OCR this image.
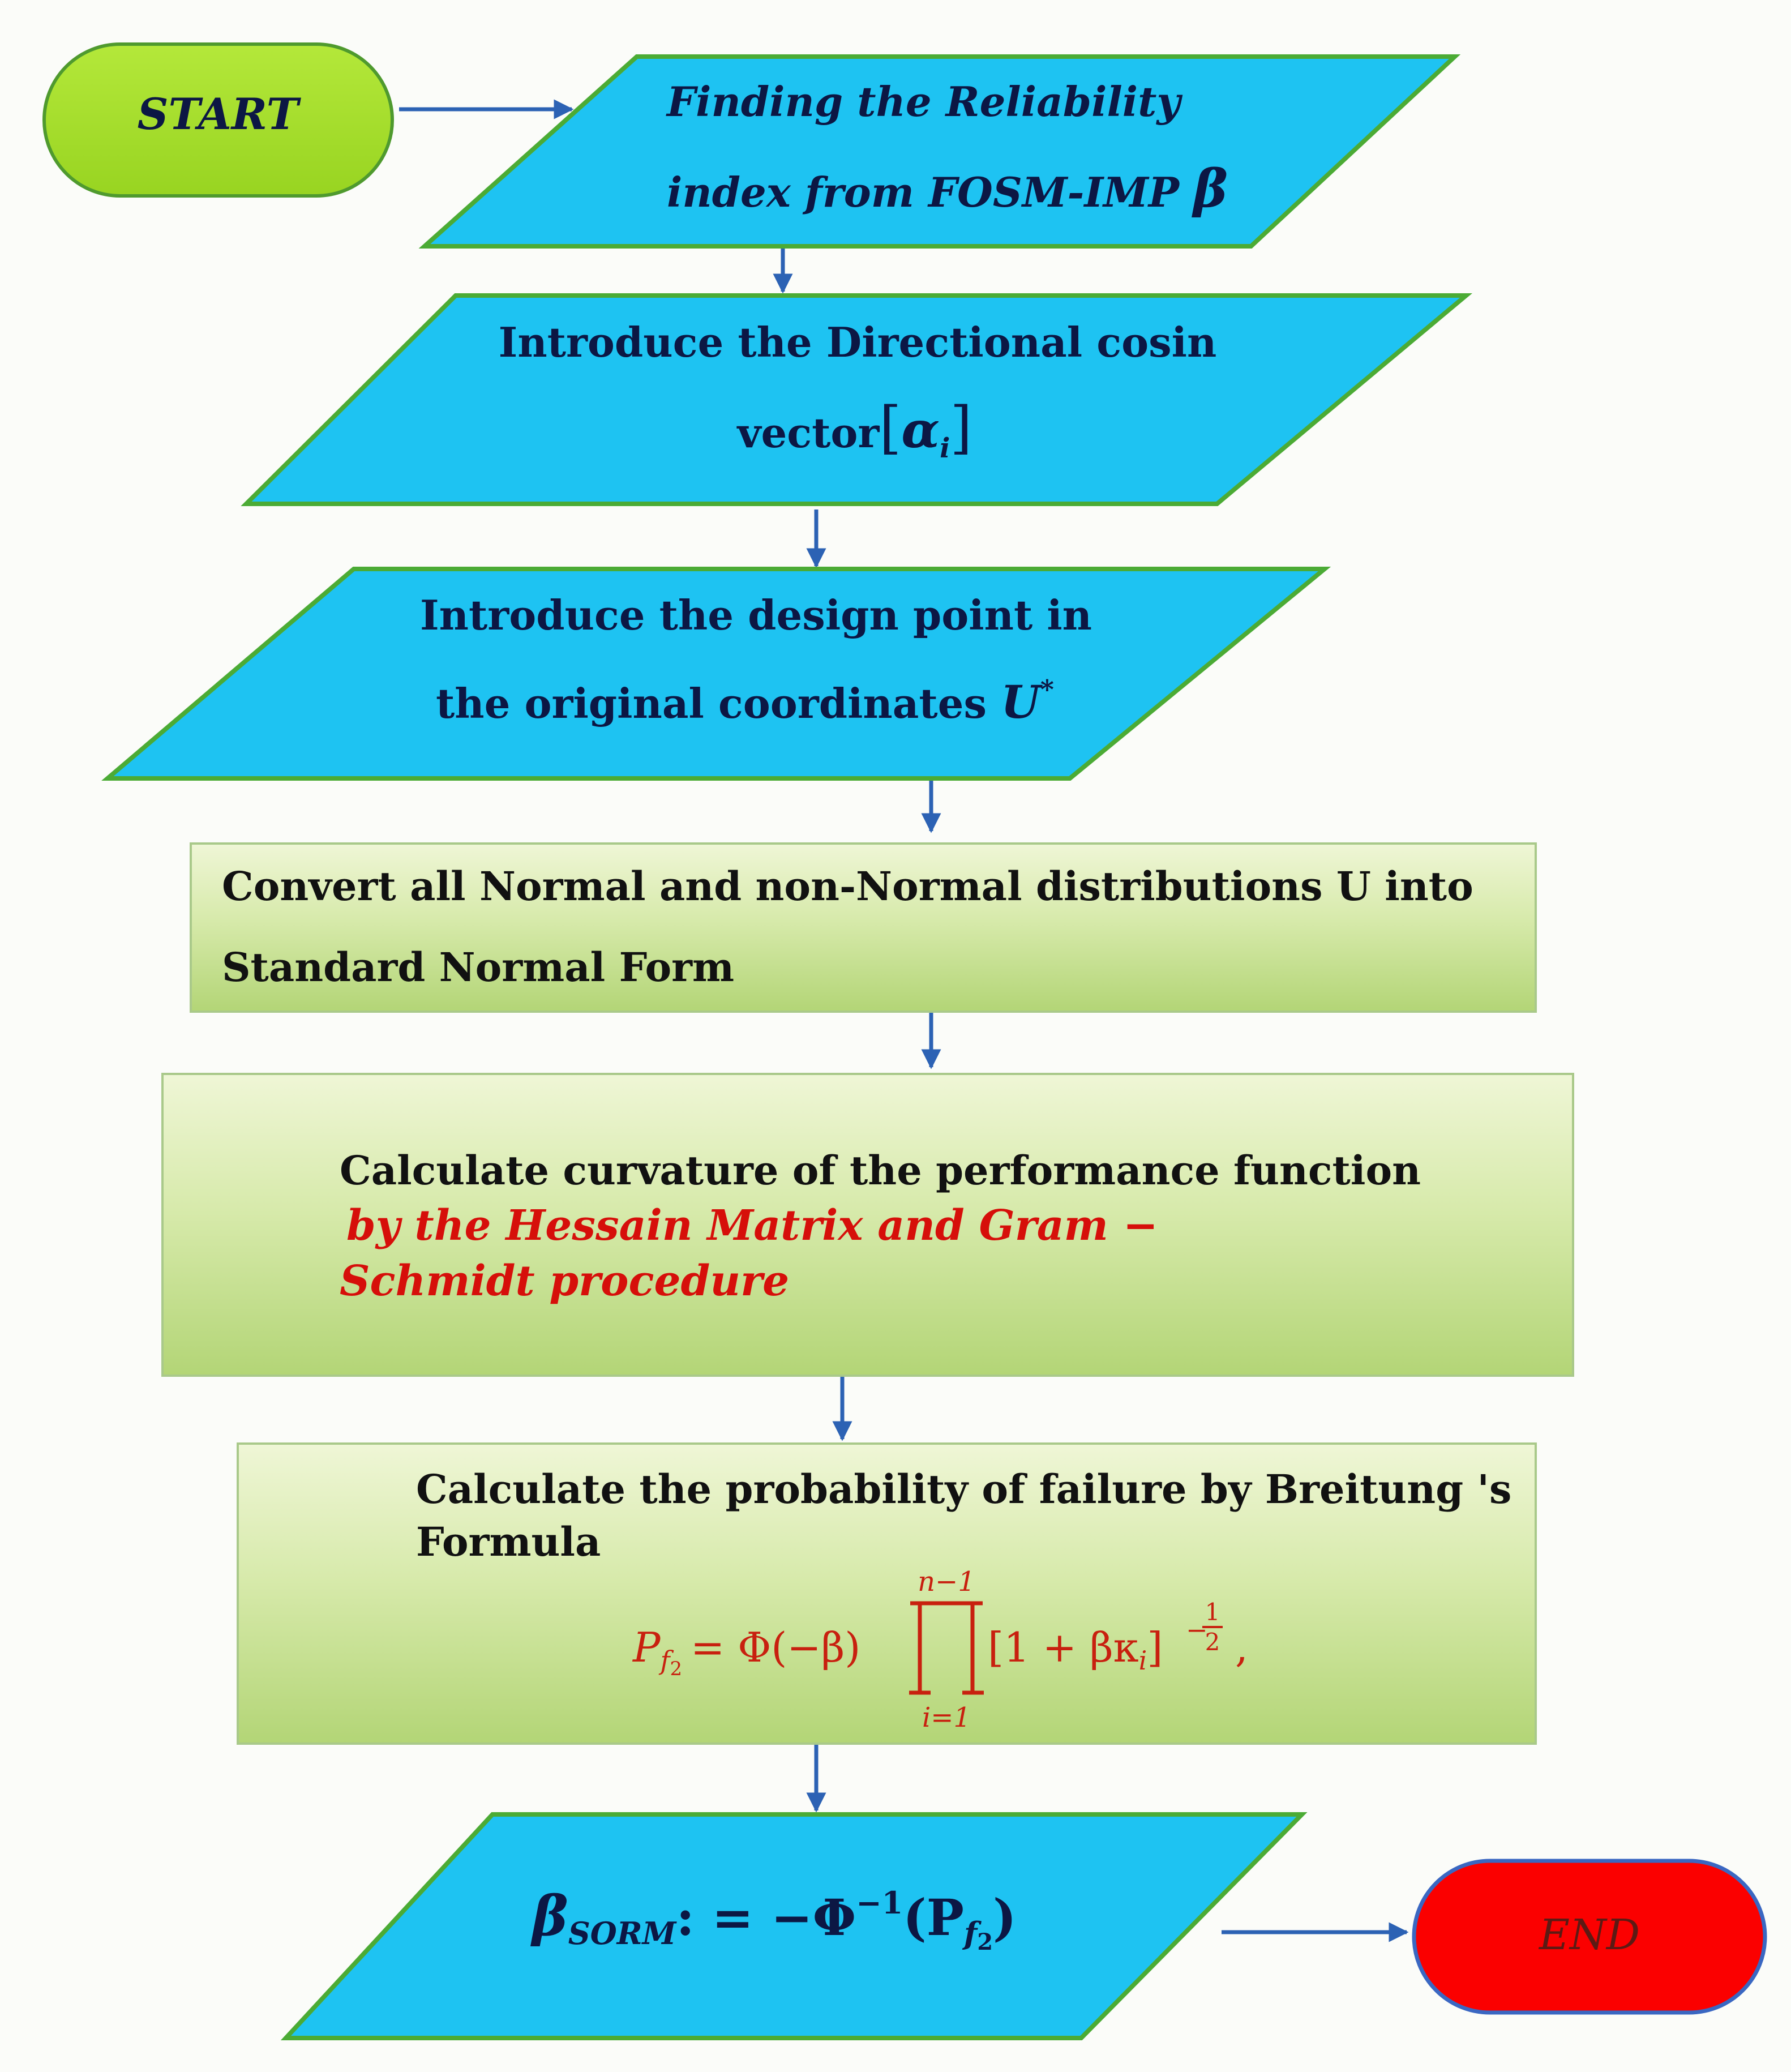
START	Finding the Reliability
index from FOSM-IMP β
Introduce the Directional cosin
$vector[\alpha_i]$
Introduce the design point in
the original coordinates U*
Convert all Normal and non-Normal distributions U into
Standard Normal Form
Calculate curvature of the performance function
by the Hessain Matrix and Gram −
Schmidt procedure
Calculate the probability of failure by Breitung 's
Formula
Pf2 = Φ(−β)
n−1
i=1
[1 + βκi] −
1
2 ,
βSORM: = $-\Phi^{-1}(Pf2)$	END
